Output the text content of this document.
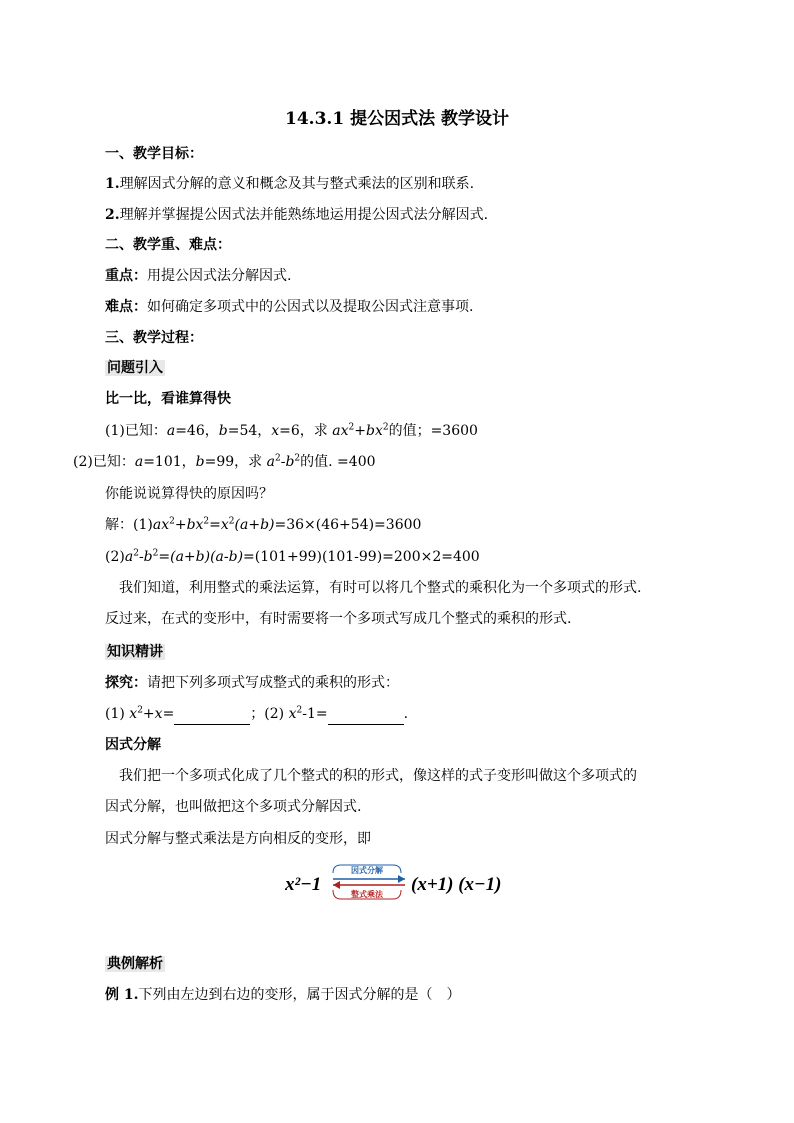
14.3.1 提公因式法 教学设计
一、教学目标：
1.理解因式分解的意义和概念及其与整式乘法的区别和联系.
2.理解并掌握提公因式法并能熟练地运用提公因式法分解因式.
二、教学重、难点：
重点：用提公因式法分解因式.
难点：如何确定多项式中的公因式以及提取公因式注意事项.
三、教学过程：
问题引入
比一比，看谁算得快
(1)已知：a=46，b=54，x=6，求 $ax^2+bx^2$的值；=3600
(2)已知：a=101，b=99，求 $a^2-b^2$的值. =400
你能说说算得快的原因吗？
解：$(1)ax^2+bx^2=x^2(a+b)=36\times(46+54)=3600$
$(2)a^2-b^2=(a+b)(a-b)=(101+99)(101-99)=200\times 2=400$
我们知道，利用整式的乘法运算，有时可以将几个整式的乘积化为一个多项式的形式.
反过来，在式的变形中，有时需要将一个多项式写成几个整式的乘积的形式.
知识精讲
探究：请把下列多项式写成整式的乘积的形式：
(1) $x^2+x=$	；(2) $x^2-1=$	.
因式分解
我们把一个多项式化成了几个整式的积的形式，像这样的式子变形叫做这个多项式的
因式分解，也叫做把这个多项式分解因式.
因式分解与整式乘法是方向相反的变形，即
x²−1
因式分解
整式乘法 (x+1) (x−1)
典例解析
例 1.下列由左边到右边的变形，属于因式分解的是（　）
